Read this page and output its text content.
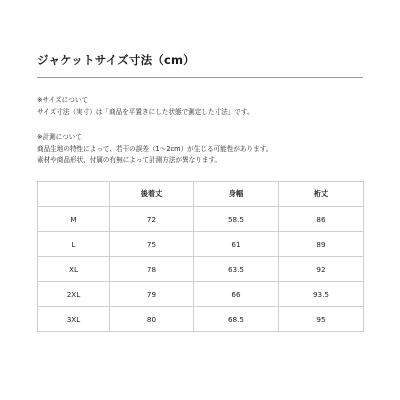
ジャケットサイズ寸法（cm）
※サイズについて
サイズ寸法（実寸）は「商品を平置きにした状態で測定した寸法」です。
※計測について
商品生地の特性によって、若干の誤差（1～2cm）が生じる可能性があります。
素材や商品形状、付属の有無によって計測方法が異なります。
	後着丈	身幅	裄丈
M	72	58.5	86
L	75	61	89
XL	78	63.5	92
2XL	79	66	93.5
3XL	80	68.5	95
